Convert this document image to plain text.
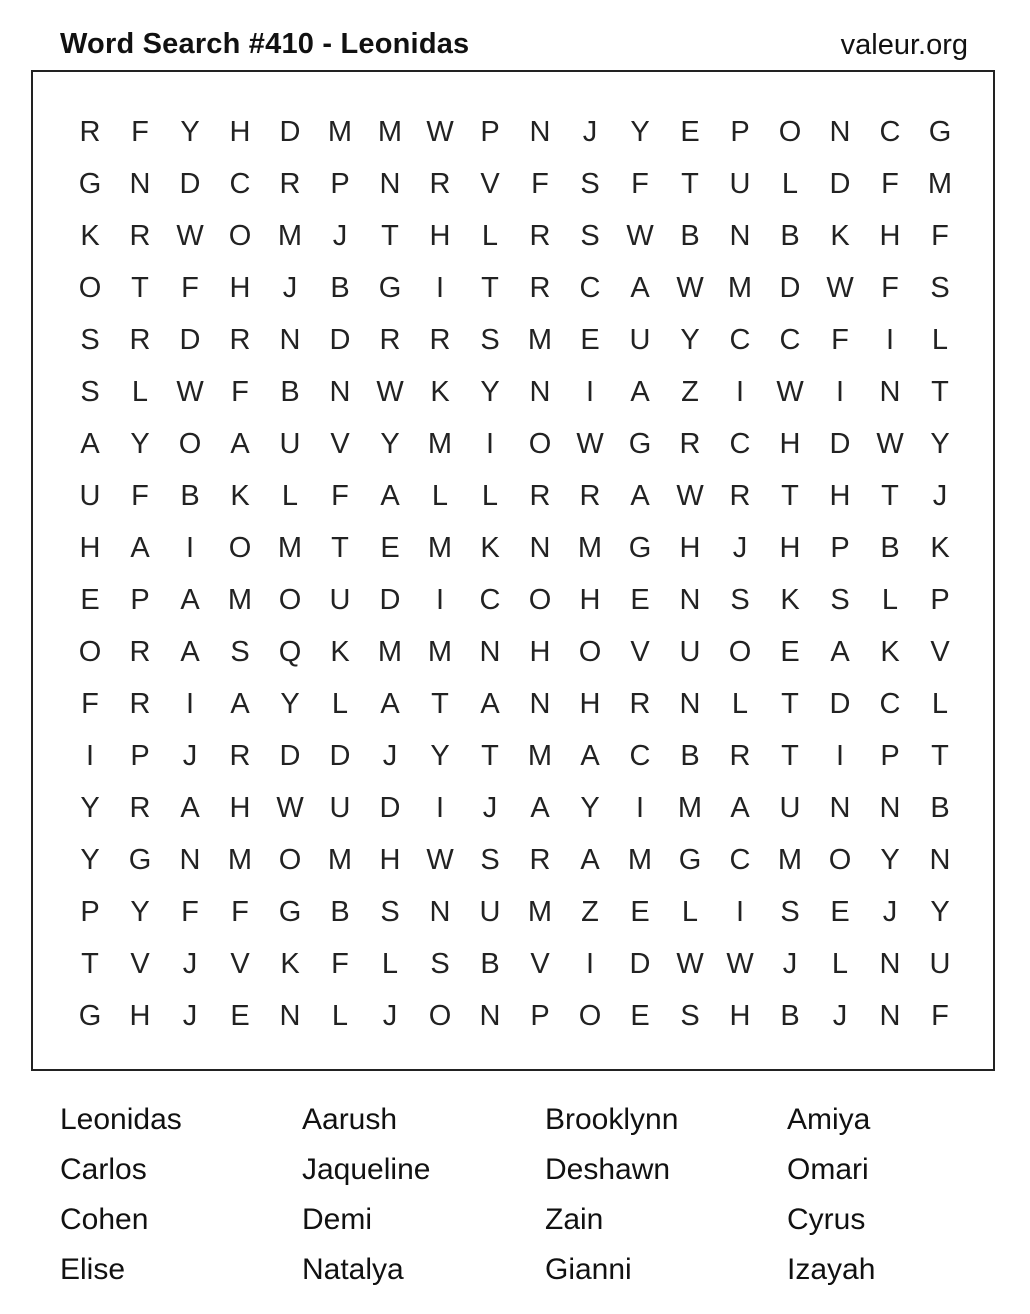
Word Search #410 - Leonidas	valeur.org
R	F	Y	H	D M M W P	N	J	Y	E	P	O N	C G
G N	D	C	R	P	N	R	V	F	S	F	T	U	L	D	F	M
K	R W O M	J	T	H	L	R	S W B	N	B	K	H	F
O	T	F	H	J	B	G	I	T	R	C	A W M D W F	S
S	R	D	R	N	D	R	R	S M E	U	Y	C	C	F	I	L
S	L W F	B	N W K	Y	N	I	A	Z	I	W	I	N	T
A	Y	O	A	U	V	Y M	I	O W G R	C	H	D W Y
U	F	B	K	L	F	A	L	L	R	R	A W R	T	H	T	J
H	A	I	O M	T	E M K	N M G H	J	H	P	B	K
E	P	A M O U	D	I	C O H	E	N	S	K	S	L	P
O R	A	S	Q	K M M N	H O	V	U O	E	A	K	V
F	R	I	A	Y	L	A	T	A	N	H	R	N	L	T	D	C	L
I	P	J	R	D	D	J	Y	T	M A	C	B	R	T	I	P	T
Y	R	A	H W U	D	I	J	A	Y	I	M A	U	N	N	B
Y	G N M O M H W S	R	A M G C M O	Y	N
P	Y	F	F	G	B	S	N	U M	Z	E	L	I	S	E	J	Y
T	V	J	V	K	F	L	S	B	V	I	D W W	J	L	N	U
G H	J	E	N	L	J	O N	P	O	E	S	H	B	J	N	F
Leonidas	Aarush	Brooklynn	Amiya
Carlos	Jaqueline	Deshawn	Omari
Cohen	Demi	Zain	Cyrus
Elise	Natalya	Gianni	Izayah
